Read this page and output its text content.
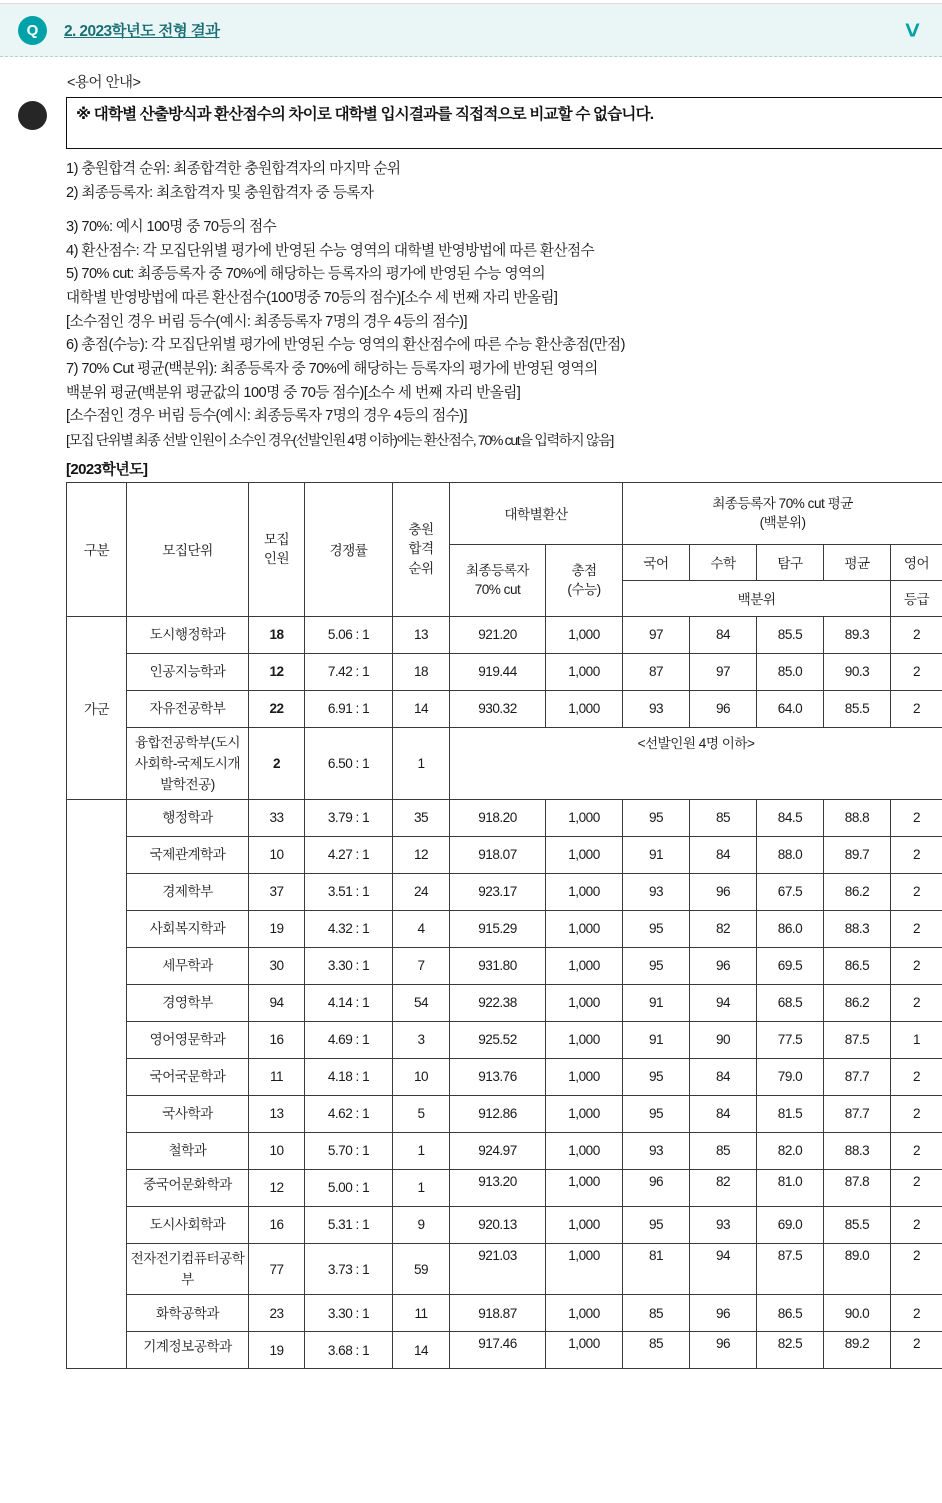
Q	2. 2023학년도 전형 결과	˅
<용어 안내>
※ 대학별 산출방식과 환산점수의 차이로 대학별 입시결과를 직접적으로 비교할 수 없습니다.
1) 충원합격 순위: 최종합격한 충원합격자의 마지막 순위
2) 최종등록자: 최초합격자 및 충원합격자 중 등록자
3) 70%: 예시 100명 중 70등의 점수
4) 환산점수: 각 모집단위별 평가에 반영된 수능 영역의 대학별 반영방법에 따른 환산점수
5) 70% cut: 최종등록자 중 70%에 해당하는 등록자의 평가에 반영된 수능 영역의
대학별 반영방법에 따른 환산점수(100명중 70등의 점수)[소수 세 번째 자리 반올림]
[소수점인 경우 버림 등수(예시: 최종등록자 7명의 경우 4등의 점수)]
6) 총점(수능): 각 모집단위별 평가에 반영된 수능 영역의 환산점수에 따른 수능 환산총점(만점)
7) 70% Cut 평균(백분위): 최종등록자 중 70%에 해당하는 등록자의 평가에 반영된 영역의
백분위 평균(백분위 평균값의 100명 중 70등 점수)[소수 세 번째 자리 반올림]
[소수점인 경우 버림 등수(예시: 최종등록자 7명의 경우 4등의 점수)]
[모집 단위별 최종 선발 인원이 소수인 경우(선발인원 4명 이하)에는 환산점수, 70% cut을 입력하지 않음]
[2023학년도]
구분	모집단위	모집
인원	경쟁률	충원
합격
순위	대학별환산		최종등록자 70% cut 평균
(백분위)				
					최종등록자
70% cut	총점
(수능)	국어	수학	탐구	평균	영어
							백분위				등급
가군	도시행정학과	18	5.06 : 1	13	921.20	1,000	97	84	85.5	89.3	2
	인공지능학과	12	7.42 : 1	18	919.44	1,000	87	97	85.0	90.3	2
	자유전공학부	22	6.91 : 1	14	930.32	1,000	93	96	64.0	85.5	2
	융합전공학부(도시사회학-국제도시개발학전공)	2	6.50 : 1	1	<선발인원 4명 이하>						
	행정학과	33	3.79 : 1	35	918.20	1,000	95	85	84.5	88.8	2
	국제관계학과	10	4.27 : 1	12	918.07	1,000	91	84	88.0	89.7	2
	경제학부	37	3.51 : 1	24	923.17	1,000	93	96	67.5	86.2	2
	사회복지학과	19	4.32 : 1	4	915.29	1,000	95	82	86.0	88.3	2
	세무학과	30	3.30 : 1	7	931.80	1,000	95	96	69.5	86.5	2
	경영학부	94	4.14 : 1	54	922.38	1,000	91	94	68.5	86.2	2
	영어영문학과	16	4.69 : 1	3	925.52	1,000	91	90	77.5	87.5	1
	국어국문학과	11	4.18 : 1	10	913.76	1,000	95	84	79.0	87.7	2
	국사학과	13	4.62 : 1	5	912.86	1,000	95	84	81.5	87.7	2
	철학과	10	5.70 : 1	1	924.97	1,000	93	85	82.0	88.3	2
	중국어문화학과	12	5.00 : 1	1	913.20	1,000	96	82	81.0	87.8	2
	도시사회학과	16	5.31 : 1	9	920.13	1,000	95	93	69.0	85.5	2
	전자전기컴퓨터공학부	77	3.73 : 1	59	921.03	1,000	81	94	87.5	89.0	2
	화학공학과	23	3.30 : 1	11	918.87	1,000	85	96	86.5	90.0	2
	기계정보공학과	19	3.68 : 1	14	917.46	1,000	85	96	82.5	89.2	2
